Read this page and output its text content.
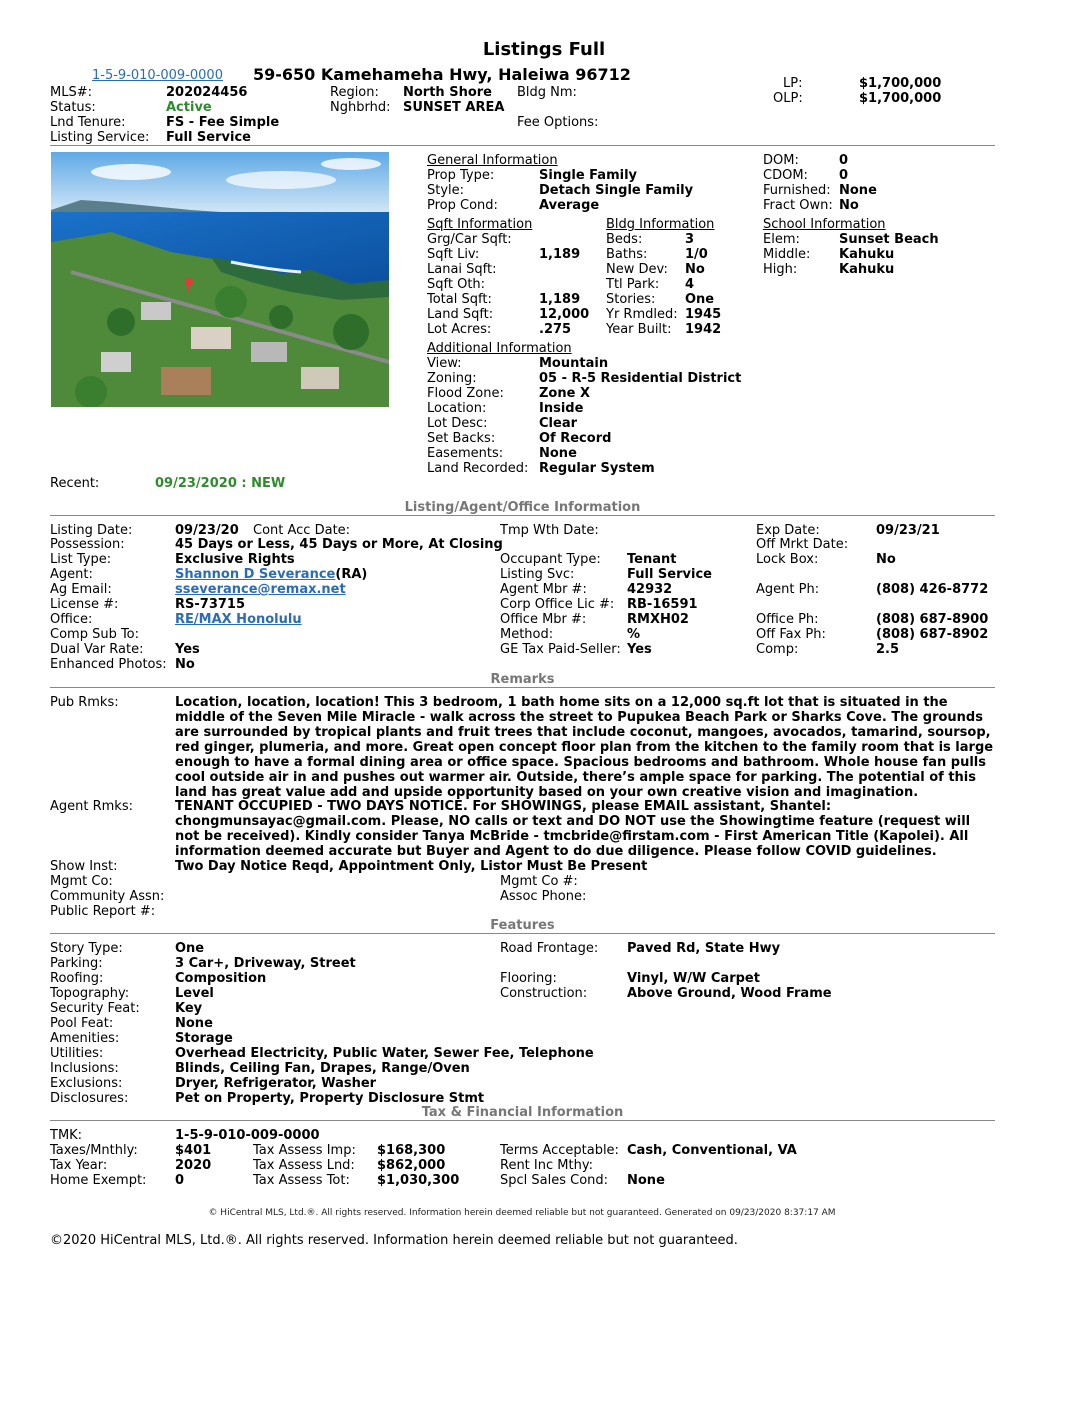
Listings Full
1-5-9-010-009-0000 59-650 Kamehameha Hwy, Haleiwa 96712
MLS#:	202024456
Status:	Active
Lnd Tenure:	FS - Fee Simple
Listing Service: Full Service
Region: North Shore
Nghbrhd: SUNSET AREA
Bldg Nm:
Fee Options:
LP:	$1,700,000
OLP:	$1,700,000
General Information
Prop Type:	Single Family
Style:	Detach Single Family
Prop Cond:	Average
DOM:	0
CDOM: 0
Furnished: None
Fract Own: No
Sqft Information
Grg/Car Sqft:
Sqft Liv:	1,189
Lanai Sqft:
Sqft Oth:
Total Sqft:	1,189
Land Sqft:	12,000
Lot Acres:	.275
Bldg Information
Beds:	3
Baths:	1/0
New Dev: No
Ttl Park: 4
Stories: One
Yr Rmdled: 1945
Year Built: 1942
School Information
Elem:	Sunset Beach
Middle: Kahuku
High:	Kahuku
Additional Information
View:	Mountain
Zoning:	05 - R-5 Residential District
Flood Zone:	Zone X
Location:	Inside
Lot Desc:	Clear
Set Backs:	Of Record
Easements:	None
Land Recorded: Regular System
Recent:	09/23/2020 : NEW
Listing/Agent/Office Information
Listing Date:	09/23/20 Cont Acc Date:	Tmp Wth Date:	Exp Date:	09/23/21
Possession:	45 Days or Less, 45 Days or More, At Closing	Off Mrkt Date:
List Type:	Exclusive Rights	Occupant Type: Tenant	Lock Box:	No
Agent:	Shannon D Severance(RA)	Listing Svc:	Full Service
Ag Email:	sseverance@remax.net	Agent Mbr #:	42932	Agent Ph:	(808) 426-8772
License #:	RS-73715	Corp Office Lic #: RB-16591
Office:	RE/MAX Honolulu	Office Mbr #:	RMXH02	Office Ph:	(808) 687-8900
Comp Sub To:	Method:	%	Off Fax Ph:	(808) 687-8902
Dual Var Rate: Yes	GE Tax Paid-Seller: Yes	Comp:	2.5
Enhanced Photos: No
Remarks
Pub Rmks:	Location, location, location! This 3 bedroom, 1 bath home sits on a 12,000 sq.ft lot that is situated in the middle of the Seven Mile Miracle - walk across the street to Pupukea Beach Park or Sharks Cove. The grounds are surrounded by tropical plants and fruit trees that include coconut, mangoes, avocados, tamarind, soursop, red ginger, plumeria, and more. Great open concept floor plan from the kitchen to the family room that is large enough to have a formal dining area or office space. Spacious bedrooms and bathroom. Whole house fan pulls cool outside air in and pushes out warmer air. Outside, there’s ample space for parking. The potential of this land has great value add and upside opportunity based on your own creative vision and imagination.
Agent Rmks:	TENANT OCCUPIED - TWO DAYS NOTICE. For SHOWINGS, please EMAIL assistant, Shantel: chongmunsayac@gmail.com. Please, NO calls or text and DO NOT use the Showingtime feature (request will not be received). Kindly consider Tanya McBride - tmcbride@firstam.com - First American Title (Kapolei). All information deemed accurate but Buyer and Agent to do due diligence. Please follow COVID guidelines.
Show Inst:	Two Day Notice Reqd, Appointment Only, Listor Must Be Present
Mgmt Co:	Mgmt Co #:
Community Assn:	Assoc Phone:
Public Report #:
Features
Story Type:	One	Road Frontage: Paved Rd, State Hwy
Parking:	3 Car+, Driveway, Street
Roofing:	Composition	Flooring:	Vinyl, W/W Carpet
Topography:	Level	Construction:	Above Ground, Wood Frame
Security Feat:	Key
Pool Feat:	None
Amenities:	Storage
Utilities:	Overhead Electricity, Public Water, Sewer Fee, Telephone
Inclusions:	Blinds, Ceiling Fan, Drapes, Range/Oven
Exclusions:	Dryer, Refrigerator, Washer
Disclosures:	Pet on Property, Property Disclosure Stmt
Tax & Financial Information
TMK:	1-5-9-010-009-0000
Taxes/Mnthly:	$401	Tax Assess Imp: $168,300	Terms Acceptable: Cash, Conventional, VA
Tax Year:	2020	Tax Assess Lnd: $862,000	Rent Inc Mthy:
Home Exempt: 0	Tax Assess Tot: $1,030,300	Spcl Sales Cond: None
© HiCentral MLS, Ltd.®. All rights reserved. Information herein deemed reliable but not guaranteed. Generated on 09/23/2020 8:37:17 AM
©2020 HiCentral MLS, Ltd.®. All rights reserved. Information herein deemed reliable but not guaranteed.
